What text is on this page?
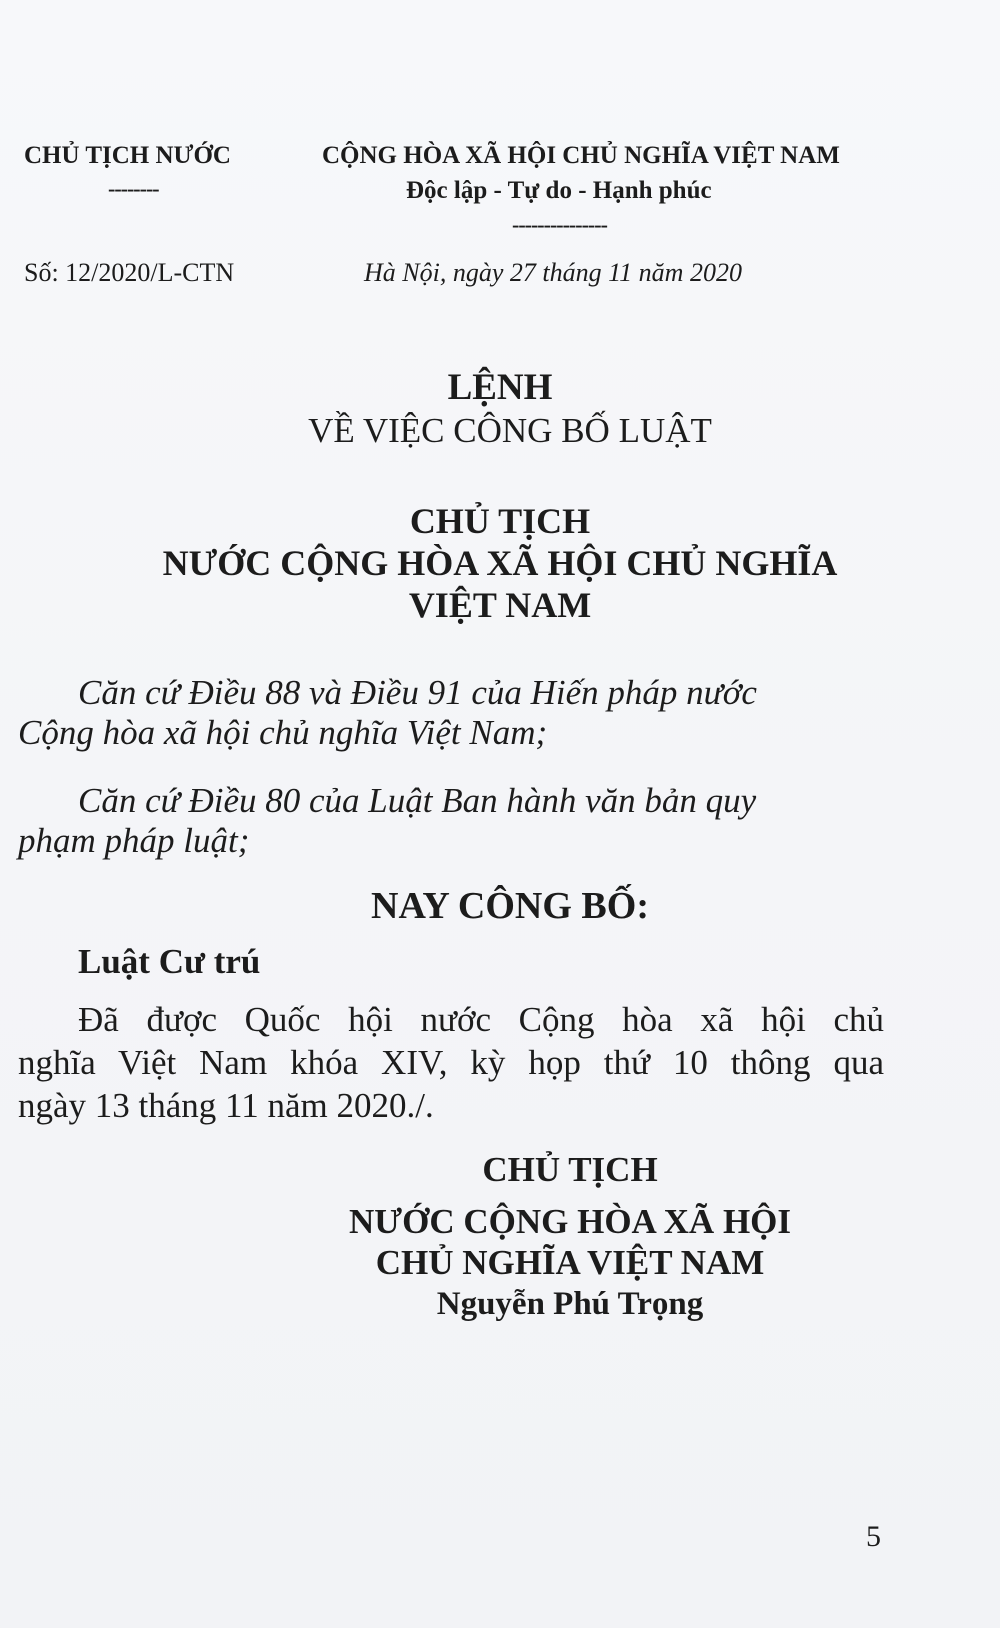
CHỦ TỊCH NƯỚC
--------
CỘNG HÒA XÃ HỘI CHỦ NGHĨA VIỆT NAM
Độc lập - Tự do - Hạnh phúc
---------------
Số: 12/2020/L-CTN	Hà Nội, ngày 27 tháng 11 năm 2020
LỆNH
VỀ VIỆC CÔNG BỐ LUẬT
CHỦ TỊCH
NƯỚC CỘNG HÒA XÃ HỘI CHỦ NGHĨA
VIỆT NAM
Căn cứ Điều 88 và Điều 91 của Hiến pháp nước
Cộng hòa xã hội chủ nghĩa Việt Nam;
Căn cứ Điều 80 của Luật Ban hành văn bản quy
phạm pháp luật;
NAY CÔNG BỐ:
Luật Cư trú
Đã được Quốc hội nước Cộng hòa xã hội chủ
nghĩa Việt Nam khóa XIV, kỳ họp thứ 10 thông qua
ngày 13 tháng 11 năm 2020./.
CHỦ TỊCH
NƯỚC CỘNG HÒA XÃ HỘI
CHỦ NGHĨA VIỆT NAM
Nguyễn Phú Trọng
5
